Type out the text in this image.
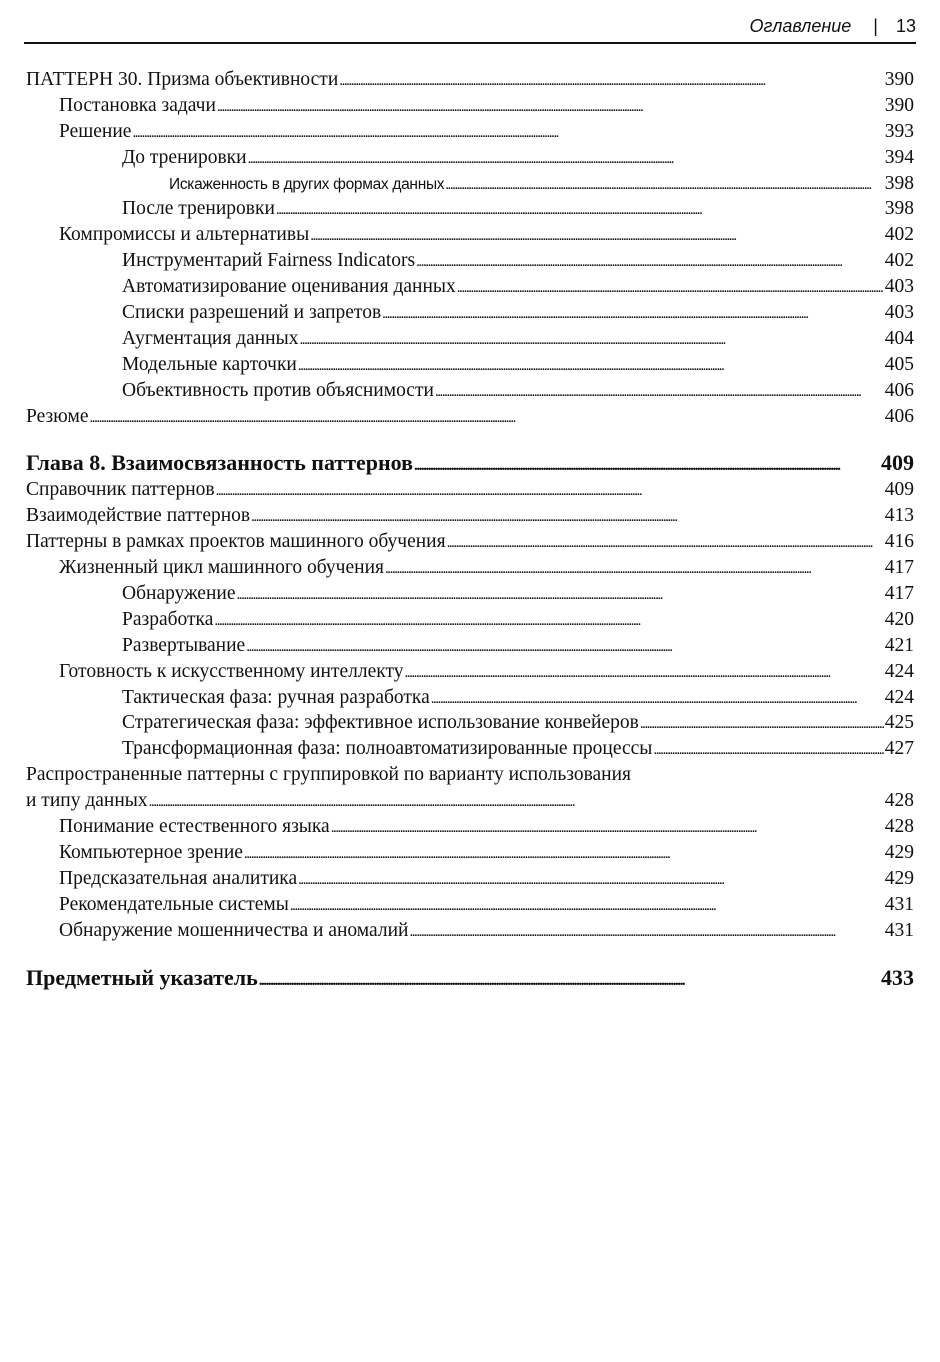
Оглавление | 13
ПАТТЕРН 30. Призма объективности . . .	390
Постановка задачи . . .	390
Решение . . .	393
До тренировки . . .	394
Искаженность в других формах данных . . .	398
После тренировки . . .	398
Компромиссы и альтернативы . . .	402
Инструментарий Fairness Indicators . . .	402
Автоматизирование оценивания данных . . .	403
Списки разрешений и запретов . . .	403
Аугментация данных . . .	404
Модельные карточки . . .	405
Объективность против объяснимости . . .	406
Резюме . . .	406
Глава 8. Взаимосвязанность паттернов . . .	409
Справочник паттернов . . .	409
Взаимодействие паттернов . . .	413
Паттерны в рамках проектов машинного обучения . . .	416
Жизненный цикл машинного обучения . . .	417
Обнаружение . . .	417
Разработка . . .	420
Развертывание . . .	421
Готовность к искусственному интеллекту . . .	424
Тактическая фаза: ручная разработка . . .	424
Стратегическая фаза: эффективное использование конвейеров . . .	425
Трансформационная фаза: полноавтоматизированные процессы . . .	427
Распространенные паттерны с группировкой по варианту использования
и типу данных . . .	428
Понимание естественного языка . . .	428
Компьютерное зрение . . .	429
Предсказательная аналитика . . .	429
Рекомендательные системы . . .	431
Обнаружение мошенничества и аномалий . . .	431
Предметный указатель . . .	433
